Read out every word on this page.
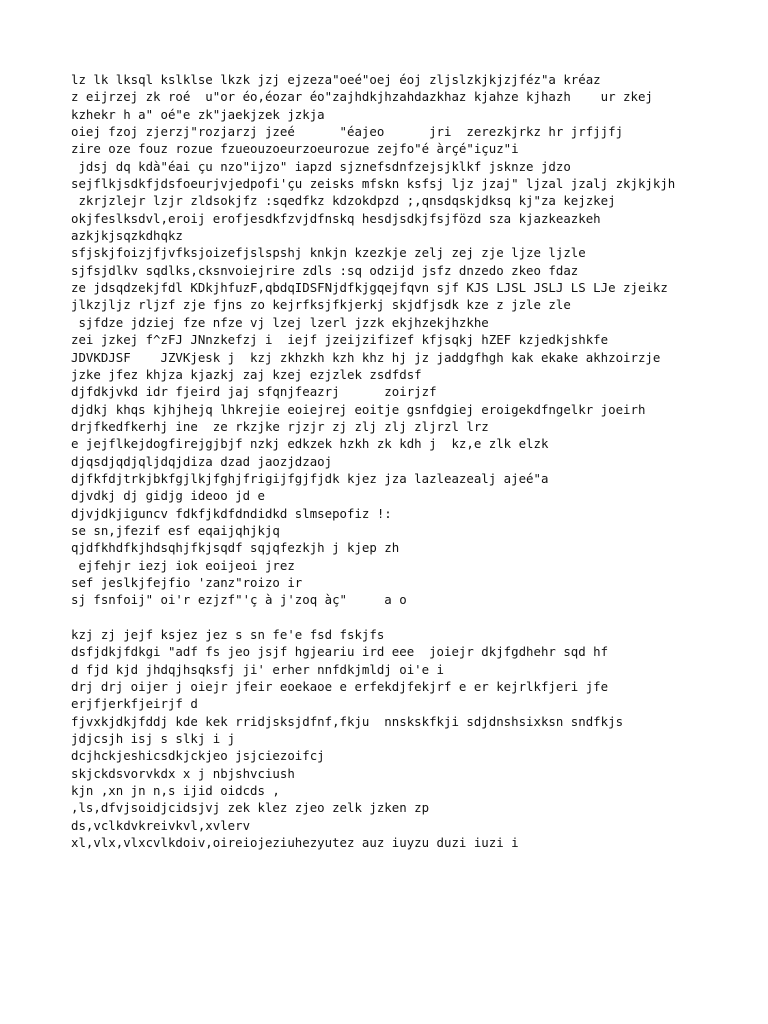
lz lk lksql kslklse lkzk jzj ejzeza"oeé"oej éoj zljslzkjkjzjféz"a kréaz
z eijrzej zk roé  u"or éo,éozar éo"zajhdkjhzahdazkhaz kjahze kjhazh    ur zkej
kzhekr h a" oé"e zk"jaekjzek jzkja
oiej fzoj zjerzj"rozjarzj jzeé      "éajeo      jri  zerezkjrkz hr jrfjjfj
zire oze fouz rozue fzueouzoeurzoeurozue zejfo"é àrçé"içuz"i
jdsj dq kdà"éai çu nzo"ijzo" iapzd sjznefsdnfzejsjklkf jsknze jdzo
sejflkjsdkfjdsfoeurjvjedpofi'çu zeisks mfskn ksfsj ljz jzaj" ljzal jzalj zkjkjkjh
zkrjzlejr lzjr zldsokjfz :sqedfkz kdzokdpzd ;,qnsdqskjdksq kj"za kejzkej
okjfeslksdvl,eroij erofjesdkfzvjdfnskq hesdjsdkjfsjfözd sza kjazkeazkeh
azkjkjsqzkdhqkz
sfjskjfoizjfjvfksjoizefjslspshj knkjn kzezkje zelj zej zje ljze ljzle
sjfsjdlkv sqdlks,cksnvoiejrire zdls :sq odzijd jsfz dnzedo zkeo fdaz
ze jdsqdzekjfdl KDkjhfuzF,qbdqIDSFNjdfkjgqejfqvn sjf KJS LJSL JSLJ LS LJe zjeikz
jlkzjljz rljzf zje fjns zo kejrfksjfkjerkj skjdfjsdk kze z jzle zle
sjfdze jdziej fze nfze vj lzej lzerl jzzk ekjhzekjhzkhe
zei jzkej f^zFJ JNnzkefzj i  iejf jzeijzifizef kfjsqkj hZEF kzjedkjshkfe
JDVKDJSF    JZVKjesk j  kzj zkhzkh kzh khz hj jz jaddgfhgh kak ekake akhzoirzje
jzke jfez khjza kjazkj zaj kzej ezjzlek zsdfdsf
djfdkjvkd idr fjeird jaj sfqnjfeazrj      zoirjzf
djdkj khqs kjhjhejq lhkrejie eoiejrej eoitje gsnfdgiej eroigekdfngelkr joeirh
drjfkedfkerhj ine  ze rkzjke rjzjr zj zlj zlj zljrzl lrz
e jejflkejdogfirejgjbjf nzkj edkzek hzkh zk kdh j  kz,e zlk elzk
djqsdjqdjqljdqjdiza dzad jaozjdzaoj
djfkfdjtrkjbkfgjlkjfghjfrigijfgjfjdk kjez jza lazleazealj ajeé"a
djvdkj dj gidjg ideoo jd e
djvjdkjiguncv fdkfjkdfdndidkd slmsepofiz !:
se sn,jfezif esf eqaijqhjkjq
qjdfkhdfkjhdsqhjfkjsqdf sqjqfezkjh j kjep zh
ejfehjr iezj iok eoijeoi jrez
sef jeslkjfejfio 'zanz"roizo ir
sj fsnfoij" oi'r ezjzf"'ç à j'zoq àç"     a o
kzj zj jejf ksjez jez s sn fe'e fsd fskjfs
dsfjdkjfdkgi "adf fs jeo jsjf hgjeariu ird eee  joiejr dkjfgdhehr sqd hf
d fjd kjd jhdqjhsqksfj ji' erher nnfdkjmldj oi'e i
drj drj oijer j oiejr jfeir eoekaoe e erfekdjfekjrf e er kejrlkfjeri jfe
erjfjerkfjeirjf d
fjvxkjdkjfddj kde kek rridjsksjdfnf,fkju  nnskskfkji sdjdnshsixksn sndfkjs
jdjcsjh isj s slkj i j
dcjhckjeshicsdkjckjeo jsjciezoifcj
skjckdsvorvkdx x j nbjshvciush
kjn ,xn jn n,s ijid oidcds ,
,ls,dfvjsoidjcidsjvj zek klez zjeo zelk jzken zp
ds,vclkdvkreivkvl,xvlerv
xl,vlx,vlxcvlkdoiv,oireiojeziuhezyutez auz iuyzu duzi iuzi i
